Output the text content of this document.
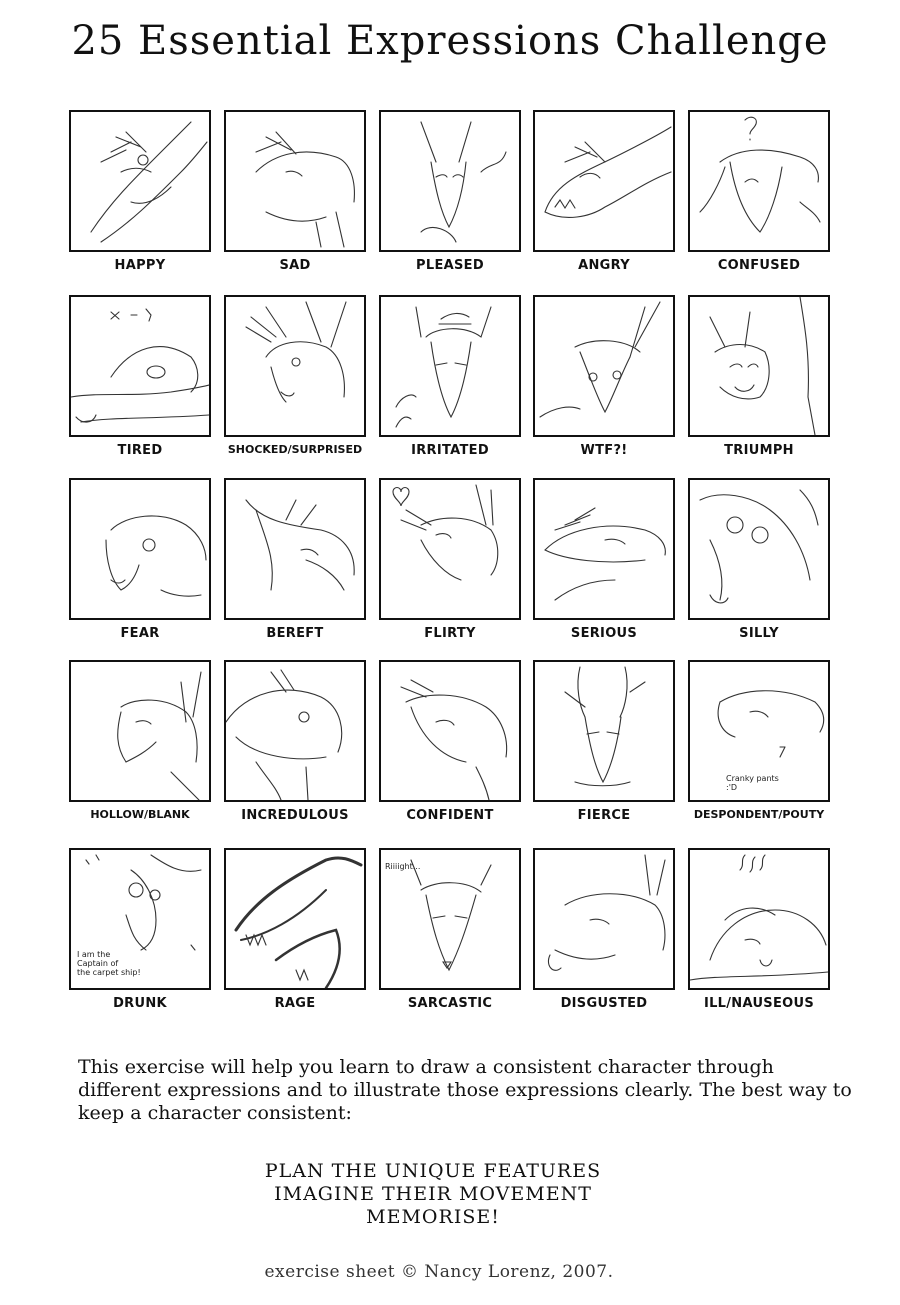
25 Essential Expressions Challenge
HAPPY	SAD	PLEASED	ANGRY	CONFUSED
TIRED	SHOCKED/SURPRISED	IRRITATED	WTF?!	TRIUMPH
FEAR	BEREFT	FLIRTY	SERIOUS	SILLY
HOLLOW/BLANK	INCREDULOUS	CONFIDENT	FIERCE
Cranky pants
:'D
DESPONDENT/POUTY
I am the
Captain of
the carpet ship!
DRUNK	RAGE
Riiiight...
SARCASTIC	DISGUSTED	ILL/NAUSEOUS

This exercise will help you learn to draw a consistent character through different expressions and to illustrate those expressions clearly. The best way to keep a character consistent:

PLAN THE UNIQUE FEATURES
IMAGINE THEIR MOVEMENT
MEMORISE!

exercise sheet © Nancy Lorenz, 2007.
